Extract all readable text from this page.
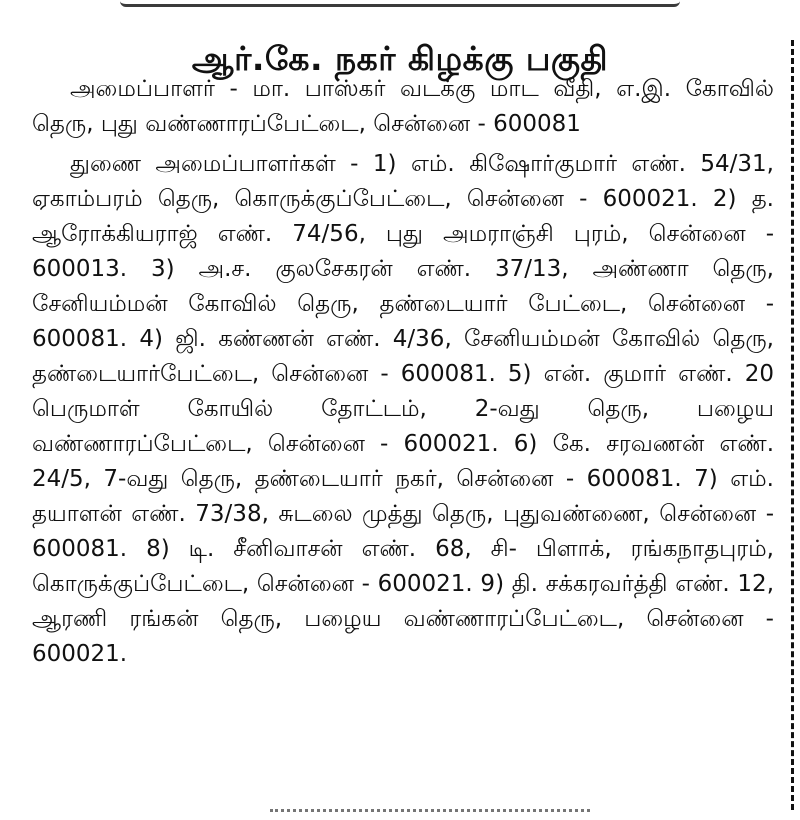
ஆர்.கே. நகர் கிழக்கு பகுதி

அமைப்பாளர் - மா. பாஸ்கர் வடக்கு மாட வீதி, எ.இ. கோவில் தெரு, புது வண்ணாரப்பேட்டை, சென்னை - 600081

துணை அமைப்பாளர்கள் - 1) எம். கிஷோர்குமார் எண். 54/31, ஏகாம்பரம் தெரு, கொருக்குப்பேட்டை, சென்னை - 600021. 2) த. ஆரோக்கியராஜ் எண். 74/56, புது அமராஞ்சி புரம், சென்னை - 600013. 3) அ.ச. குலசேகரன் எண். 37/13, அண்ணா தெரு, சேனியம்மன் கோவில் தெரு, தண்டையார் பேட்டை, சென்னை - 600081. 4) ஜி. கண்ணன் எண். 4/36, சேனியம்மன் கோவில் தெரு, தண்டையார்பேட்டை, சென்னை - 600081. 5) என். குமார் எண். 20 பெருமாள் கோயில் தோட்டம், 2-வது தெரு, பழைய வண்ணாரப்பேட்டை, சென்னை - 600021. 6) கே. சரவணன் எண். 24/5, 7-வது தெரு, தண்டையார் நகர், சென்னை - 600081. 7) எம். தயாளன் எண். 73/38, சுடலை முத்து தெரு, புதுவண்ணை, சென்னை - 600081. 8) டி. சீனிவாசன் எண். 68, சி- பிளாக், ரங்கநாதபுரம், கொருக்குப்பேட்டை, சென்னை - 600021. 9) தி. சக்கரவர்த்தி எண். 12, ஆரணி ரங்கன் தெரு, பழைய வண்ணாரப்பேட்டை, சென்னை - 600021.
